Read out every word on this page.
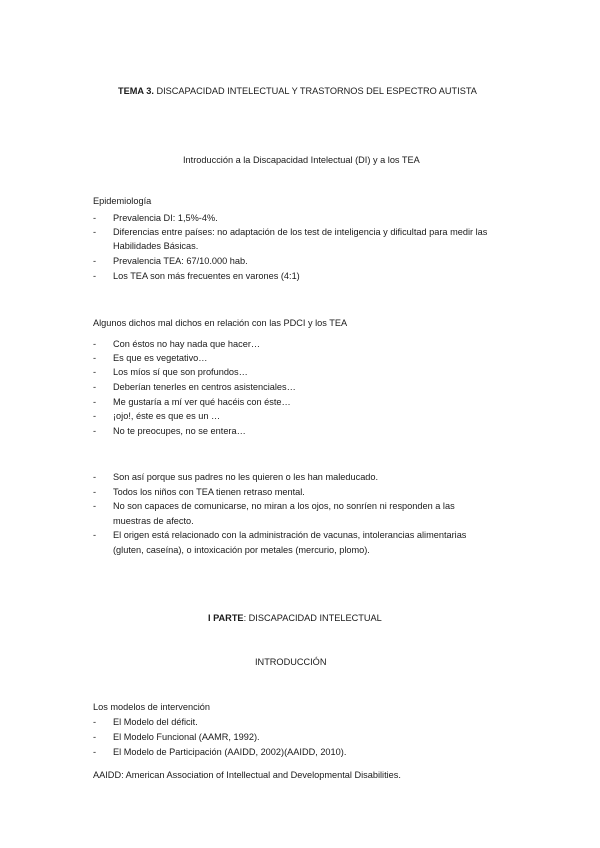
TEMA 3. DISCAPACIDAD INTELECTUAL Y TRASTORNOS DEL ESPECTRO AUTISTA
Introducción a la Discapacidad Intelectual (DI) y a los TEA
Epidemiología
- Prevalencia DI: 1,5%-4%.
- Diferencias entre países: no adaptación de los test de inteligencia y dificultad para medir las
Habilidades Básicas.
- Prevalencia TEA: 67/10.000 hab.
- Los TEA son más frecuentes en varones (4:1)
Algunos dichos mal dichos en relación con las PDCI y los TEA
- Con éstos no hay nada que hacer…
- Es que es vegetativo…
- Los míos sí que son profundos…
- Deberían tenerles en centros asistenciales…
- Me gustaría a mí ver qué hacéis con éste…
- ¡ojo!, éste es que es un …
- No te preocupes, no se entera…
- Son así porque sus padres no les quieren o les han maleducado.
- Todos los niños con TEA tienen retraso mental.
- No son capaces de comunicarse, no miran a los ojos, no sonríen ni responden a las
muestras de afecto.
- El origen está relacionado con la administración de vacunas, intolerancias alimentarias
(gluten, caseína), o intoxicación por metales (mercurio, plomo).
I PARTE: DISCAPACIDAD INTELECTUAL
INTRODUCCIÓN
Los modelos de intervención
- El Modelo del déficit.
- El Modelo Funcional (AAMR, 1992).
- El Modelo de Participación (AAIDD, 2002)(AAIDD, 2010).
AAIDD: American Association of Intellectual and Developmental Disabilities.
